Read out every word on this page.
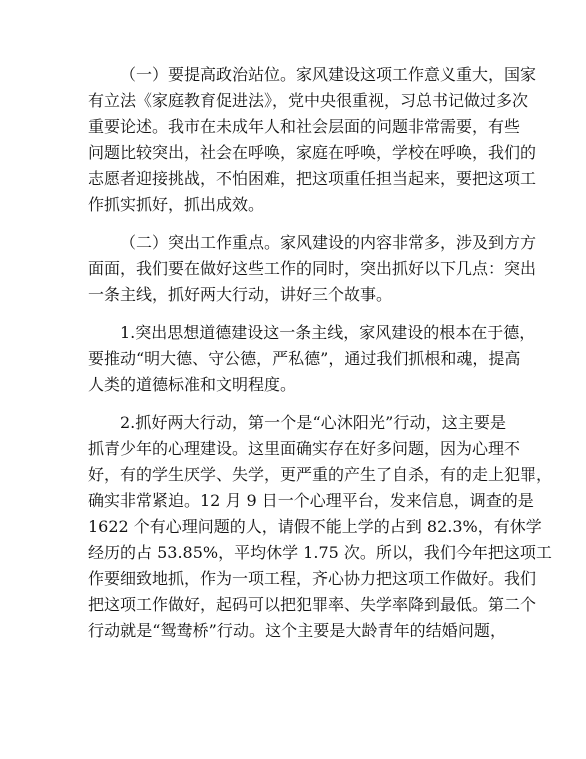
（一）要提高政治站位。家风建设这项工作意义重大，国家
有立法《家庭教育促进法》，党中央很重视，习总书记做过多次
重要论述。我市在未成年人和社会层面的问题非常需要，有些
问题比较突出，社会在呼唤，家庭在呼唤，学校在呼唤，我们的
志愿者迎接挑战，不怕困难，把这项重任担当起来，要把这项工
作抓实抓好，抓出成效。

（二）突出工作重点。家风建设的内容非常多，涉及到方方
面面，我们要在做好这些工作的同时，突出抓好以下几点：突出
一条主线，抓好两大行动，讲好三个故事。

1.突出思想道德建设这一条主线，家风建设的根本在于德，
要推动“明大德、守公德，严私德”，通过我们抓根和魂，提高
人类的道德标准和文明程度。

2.抓好两大行动，第一个是“心沐阳光”行动，这主要是
抓青少年的心理建设。这里面确实存在好多问题，因为心理不
好，有的学生厌学、失学，更严重的产生了自杀，有的走上犯罪，
确实非常紧迫。12 月 9 日一个心理平台，发来信息，调查的是
1622 个有心理问题的人，请假不能上学的占到 82.3%，有休学
经历的占 53.85%，平均休学 1.75 次。所以，我们今年把这项工
作要细致地抓，作为一项工程，齐心协力把这项工作做好。我们
把这项工作做好，起码可以把犯罪率、失学率降到最低。第二个
行动就是“鸳鸯桥”行动。这个主要是大龄青年的结婚问题，
